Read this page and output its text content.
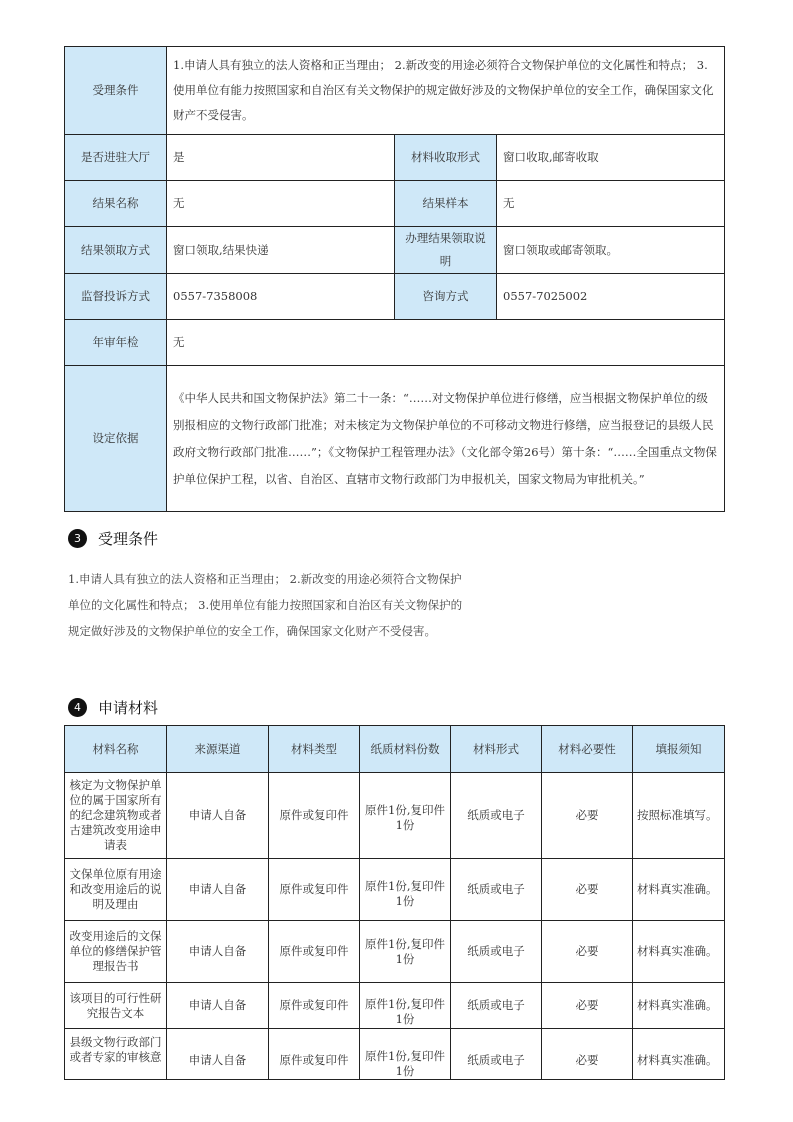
受理条件	1.申请人具有独立的法人资格和正当理由； 2.新改变的用途必须符合文物保护单位的文化属性和特点； 3.使用单位有能力按照国家和自治区有关文物保护的规定做好涉及的文物保护单位的安全工作，确保国家文化财产不受侵害。		
是否进驻大厅	是	材料收取形式	窗口收取,邮寄收取
结果名称	无	结果样本	无
结果领取方式	窗口领取,结果快递	办理结果领取说明	窗口领取或邮寄领取。
监督投诉方式	0557-7358008	咨询方式	0557-7025002
年审年检	无		
设定依据	《中华人民共和国文物保护法》第二十一条：“……对文物保护单位进行修缮，应当根据文物保护单位的级别报相应的文物行政部门批准；对未核定为文物保护单位的不可移动文物进行修缮，应当报登记的县级人民政府文物行政部门批准……”；《文物保护工程管理办法》（文化部令第26号）第十条：“……全国重点文物保护单位保护工程，以省、自治区、直辖市文物行政部门为申报机关，国家文物局为审批机关。”		
3	受理条件

1.申请人具有独立的法人资格和正当理由； 2.新改变的用途必须符合文物保护单位的文化属性和特点； 3.使用单位有能力按照国家和自治区有关文物保护的规定做好涉及的文物保护单位的安全工作，确保国家文化财产不受侵害。

4	申请材料
材料名称	来源渠道	材料类型	纸质材料份数	材料形式	材料必要性	填报须知
核定为文物保护单位的属于国家所有的纪念建筑物或者古建筑改变用途申请表	申请人自备	原件或复印件	原件1份,复印件1份	纸质或电子	必要	按照标准填写。
文保单位原有用途和改变用途后的说明及理由	申请人自备	原件或复印件	原件1份,复印件1份	纸质或电子	必要	材料真实准确。
改变用途后的文保单位的修缮保护管理报告书	申请人自备	原件或复印件	原件1份,复印件1份	纸质或电子	必要	材料真实准确。
该项目的可行性研究报告文本	申请人自备	原件或复印件	原件1份,复印件1份	纸质或电子	必要	材料真实准确。
县级文物行政部门或者专家的审核意	申请人自备	原件或复印件	原件1份,复印件1份	纸质或电子	必要	材料真实准确。
